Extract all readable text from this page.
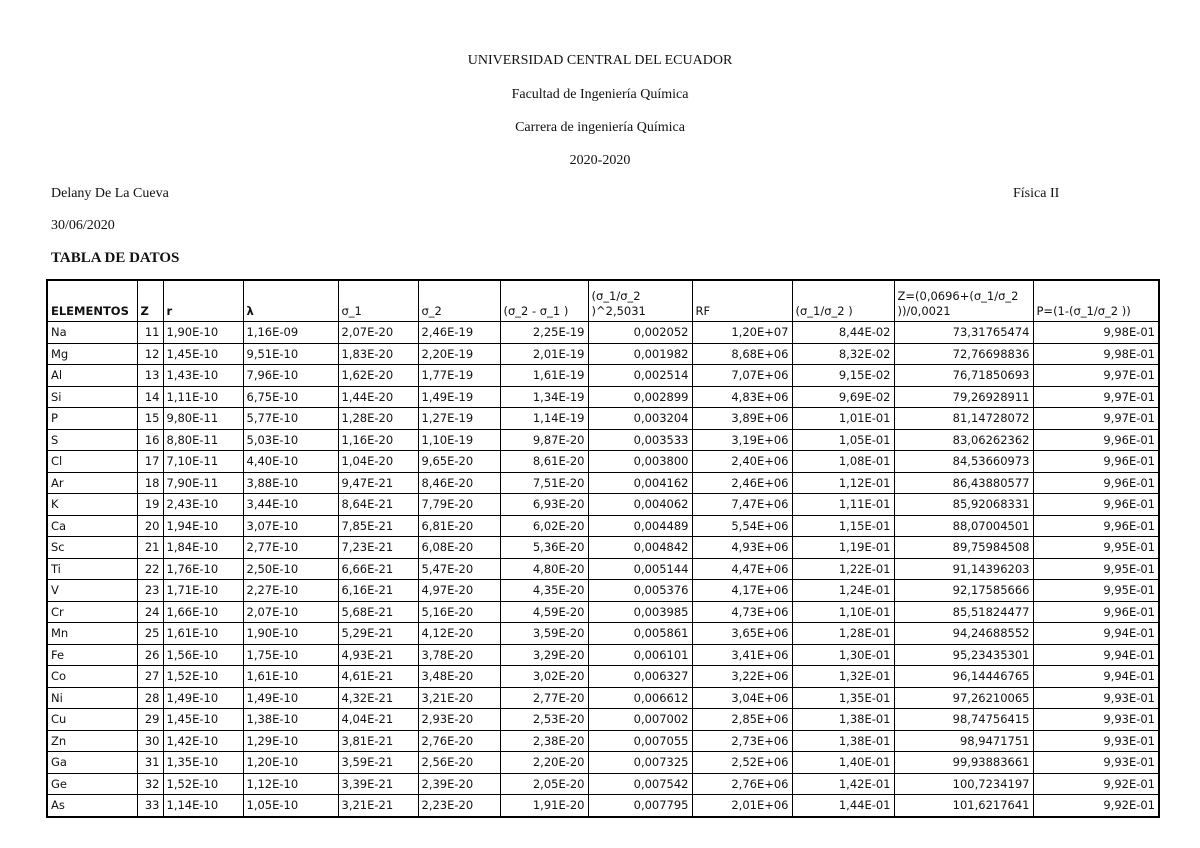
UNIVERSIDAD CENTRAL DEL ECUADOR
Facultad de Ingeniería Química
Carrera de ingeniería Química
2020-2020
Delany De La Cueva	Física II
30/06/2020
TABLA DE DATOS
ELEMENTOS	Z	r	λ	σ_1	σ_2	(σ_2 - σ_1 )	(σ_1/σ_2 )^2,5031	RF	(σ_1/σ_2 )	Z=(0,0696+(σ_1/σ_2 ))/0,0021	P=(1-(σ_1/σ_2 ))
Na	11	1,90E-10	1,16E-09	2,07E-20	2,46E-19	2,25E-19	0,002052	1,20E+07	8,44E-02	73,31765474	9,98E-01
Mg	12	1,45E-10	9,51E-10	1,83E-20	2,20E-19	2,01E-19	0,001982	8,68E+06	8,32E-02	72,76698836	9,98E-01
Al	13	1,43E-10	7,96E-10	1,62E-20	1,77E-19	1,61E-19	0,002514	7,07E+06	9,15E-02	76,71850693	9,97E-01
Si	14	1,11E-10	6,75E-10	1,44E-20	1,49E-19	1,34E-19	0,002899	4,83E+06	9,69E-02	79,26928911	9,97E-01
P	15	9,80E-11	5,77E-10	1,28E-20	1,27E-19	1,14E-19	0,003204	3,89E+06	1,01E-01	81,14728072	9,97E-01
S	16	8,80E-11	5,03E-10	1,16E-20	1,10E-19	9,87E-20	0,003533	3,19E+06	1,05E-01	83,06262362	9,96E-01
Cl	17	7,10E-11	4,40E-10	1,04E-20	9,65E-20	8,61E-20	0,003800	2,40E+06	1,08E-01	84,53660973	9,96E-01
Ar	18	7,90E-11	3,88E-10	9,47E-21	8,46E-20	7,51E-20	0,004162	2,46E+06	1,12E-01	86,43880577	9,96E-01
K	19	2,43E-10	3,44E-10	8,64E-21	7,79E-20	6,93E-20	0,004062	7,47E+06	1,11E-01	85,92068331	9,96E-01
Ca	20	1,94E-10	3,07E-10	7,85E-21	6,81E-20	6,02E-20	0,004489	5,54E+06	1,15E-01	88,07004501	9,96E-01
Sc	21	1,84E-10	2,77E-10	7,23E-21	6,08E-20	5,36E-20	0,004842	4,93E+06	1,19E-01	89,75984508	9,95E-01
Ti	22	1,76E-10	2,50E-10	6,66E-21	5,47E-20	4,80E-20	0,005144	4,47E+06	1,22E-01	91,14396203	9,95E-01
V	23	1,71E-10	2,27E-10	6,16E-21	4,97E-20	4,35E-20	0,005376	4,17E+06	1,24E-01	92,17585666	9,95E-01
Cr	24	1,66E-10	2,07E-10	5,68E-21	5,16E-20	4,59E-20	0,003985	4,73E+06	1,10E-01	85,51824477	9,96E-01
Mn	25	1,61E-10	1,90E-10	5,29E-21	4,12E-20	3,59E-20	0,005861	3,65E+06	1,28E-01	94,24688552	9,94E-01
Fe	26	1,56E-10	1,75E-10	4,93E-21	3,78E-20	3,29E-20	0,006101	3,41E+06	1,30E-01	95,23435301	9,94E-01
Co	27	1,52E-10	1,61E-10	4,61E-21	3,48E-20	3,02E-20	0,006327	3,22E+06	1,32E-01	96,14446765	9,94E-01
Ni	28	1,49E-10	1,49E-10	4,32E-21	3,21E-20	2,77E-20	0,006612	3,04E+06	1,35E-01	97,26210065	9,93E-01
Cu	29	1,45E-10	1,38E-10	4,04E-21	2,93E-20	2,53E-20	0,007002	2,85E+06	1,38E-01	98,74756415	9,93E-01
Zn	30	1,42E-10	1,29E-10	3,81E-21	2,76E-20	2,38E-20	0,007055	2,73E+06	1,38E-01	98,9471751	9,93E-01
Ga	31	1,35E-10	1,20E-10	3,59E-21	2,56E-20	2,20E-20	0,007325	2,52E+06	1,40E-01	99,93883661	9,93E-01
Ge	32	1,52E-10	1,12E-10	3,39E-21	2,39E-20	2,05E-20	0,007542	2,76E+06	1,42E-01	100,7234197	9,92E-01
As	33	1,14E-10	1,05E-10	3,21E-21	2,23E-20	1,91E-20	0,007795	2,01E+06	1,44E-01	101,6217641	9,92E-01
